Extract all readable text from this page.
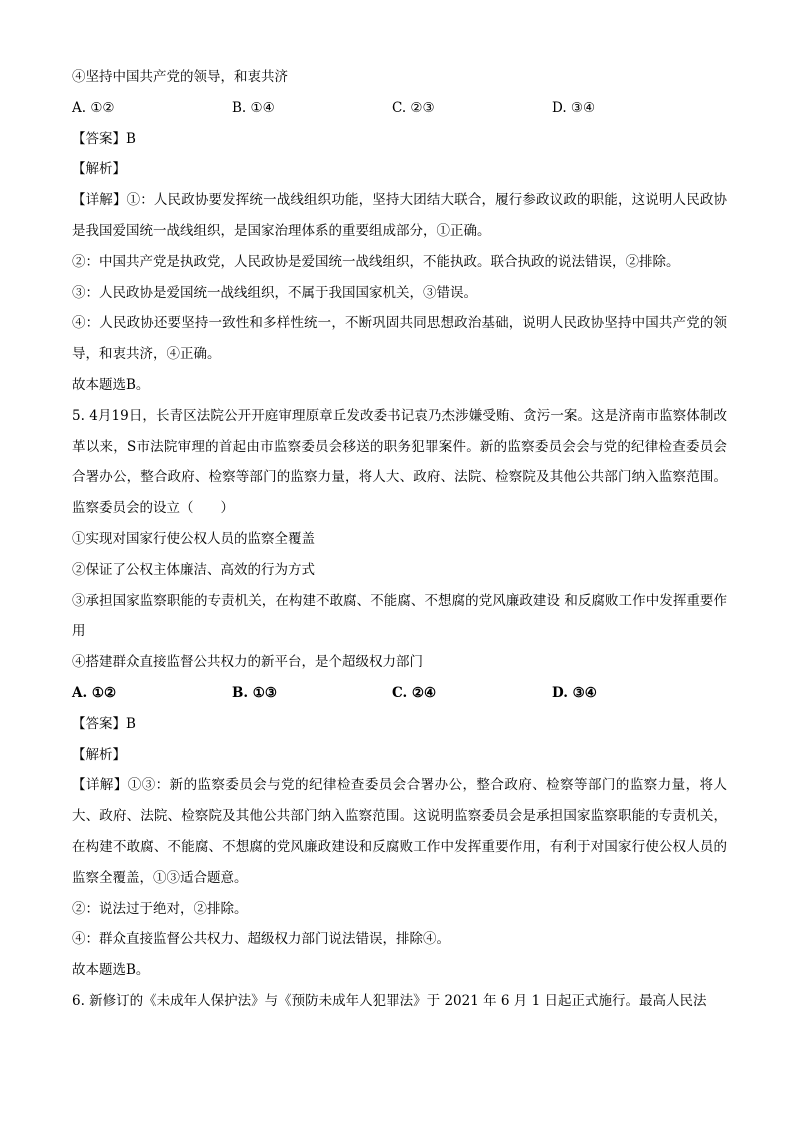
④坚持中国共产党的领导，和衷共济
A. ①②	B. ①④	C. ②③	D. ③④
【答案】B
【解析】
【详解】①：人民政协要发挥统一战线组织功能，坚持大团结大联合，履行参政议政的职能，这说明人民政协是我国爱国统一战线组织，是国家治理体系的重要组成部分，①正确。
②：中国共产党是执政党，人民政协是爱国统一战线组织，不能执政。联合执政的说法错误，②排除。
③：人民政协是爱国统一战线组织，不属于我国国家机关，③错误。
④：人民政协还要坚持一致性和多样性统一，不断巩固共同思想政治基础，说明人民政协坚持中国共产党的领导，和衷共济，④正确。
故本题选B。
5. 4月19日，长青区法院公开开庭审理原章丘发改委书记袁乃杰涉嫌受贿、贪污一案。这是济南市监察体制改革以来，S市法院审理的首起由市监察委员会移送的职务犯罪案件。新的监察委员会会与党的纪律检查委员会合署办公，整合政府、检察等部门的监察力量，将人大、政府、法院、检察院及其他公共部门纳入监察范围。监察委员会的设立（　　）
①实现对国家行使公权人员的监察全覆盖
②保证了公权主体廉洁、高效的行为方式
③承担国家监察职能的专责机关，在构建不敢腐、不能腐、不想腐的党风廉政建设 和反腐败工作中发挥重要作用
④搭建群众直接监督公共权力的新平台，是个超级权力部门
A. ①②	B. ①③	C. ②④	D. ③④
【答案】B
【解析】
【详解】①③：新的监察委员会与党的纪律检查委员会合署办公，整合政府、检察等部门的监察力量，将人大、政府、法院、检察院及其他公共部门纳入监察范围。这说明监察委员会是承担国家监察职能的专责机关，在构建不敢腐、不能腐、不想腐的党风廉政建设和反腐败工作中发挥重要作用，有利于对国家行使公权人员的监察全覆盖，①③适合题意。
②：说法过于绝对，②排除。
④：群众直接监督公共权力、超级权力部门说法错误，排除④。
故本题选B。
6. 新修订的《未成年人保护法》与《预防未成年人犯罪法》于 2021 年 6 月 1 日起正式施行。最高人民法
